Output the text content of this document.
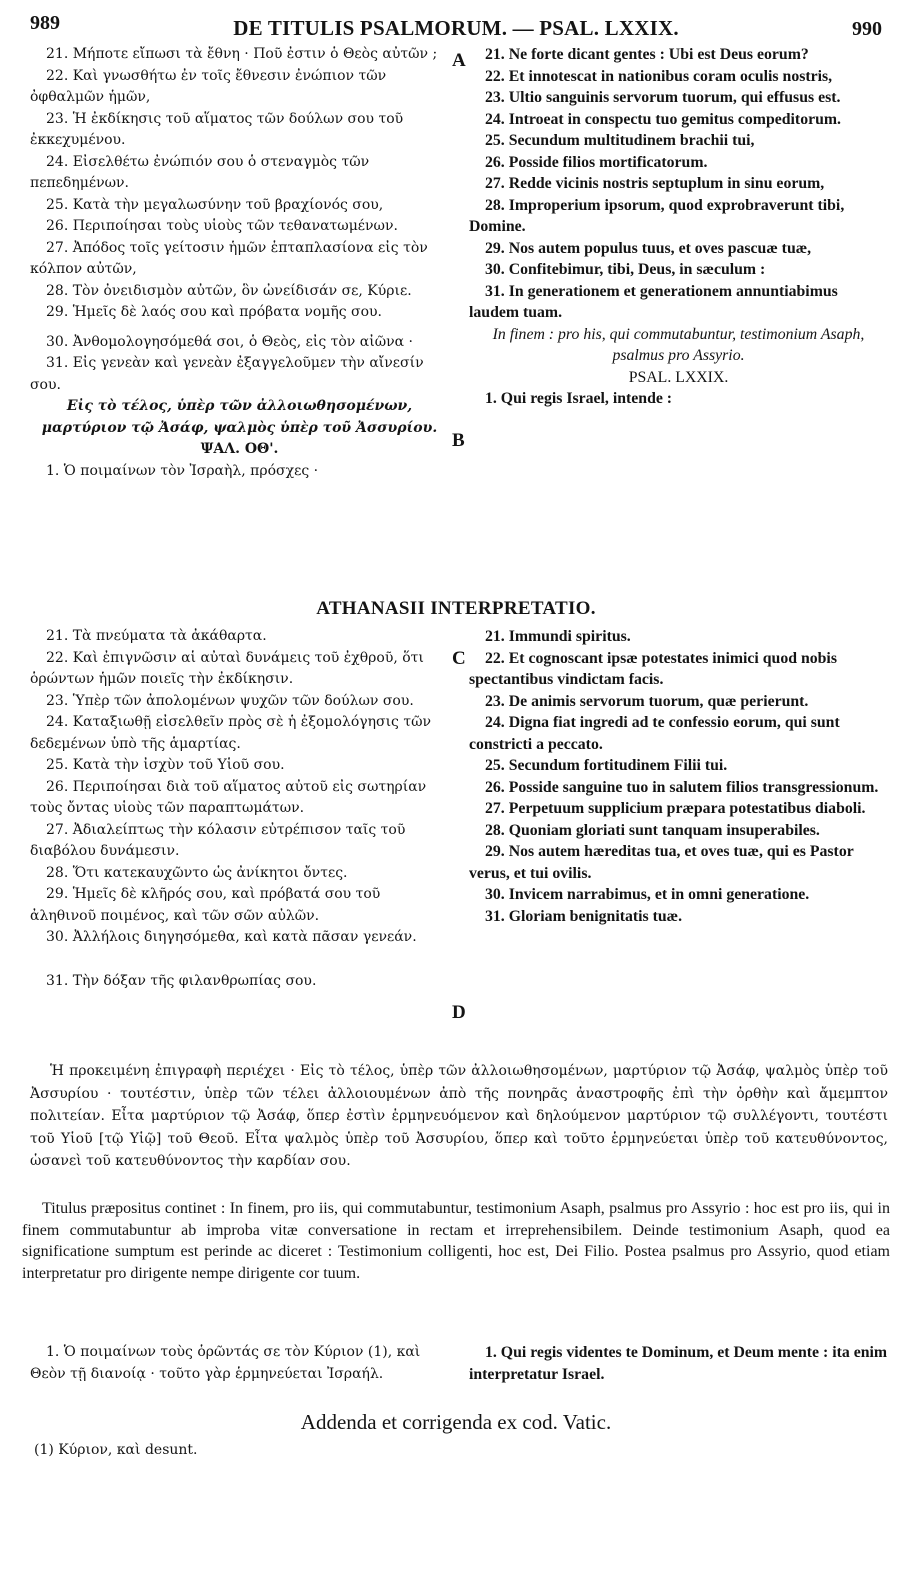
989	DE TITULIS PSALMORUM. — PSAL. LXXIX.	990

21. Μήποτε εἴπωσι τὰ ἔθνη · Ποῦ ἐστιν ὁ Θεὸς αὐτῶν ;

22. Καὶ γνωσθήτω ἐν τοῖς ἔθνεσιν ἐνώπιον τῶν ὀφθαλμῶν ἡμῶν,

23. Ἡ ἐκδίκησις τοῦ αἵματος τῶν δούλων σου τοῦ ἐκκεχυμένου.

24. Εἰσελθέτω ἐνώπιόν σου ὁ στεναγμὸς τῶν πεπεδημένων.

25. Κατὰ τὴν μεγαλωσύνην τοῦ βραχίονός σου,

26. Περιποίησαι τοὺς υἱοὺς τῶν τεθανατωμένων.

27. Ἀπόδος τοῖς γείτοσιν ἡμῶν ἑπταπλασίονα εἰς τὸν κόλπον αὐτῶν,

28. Τὸν ὀνειδισμὸν αὐτῶν, ὃν ὠνείδισάν σε, Κύριε.

29. Ἡμεῖς δὲ λαός σου καὶ πρόβατα νομῆς σου.

30. Ἀνθομολογησόμεθά σοι, ὁ Θεὸς, εἰς τὸν αἰῶνα ·

31. Εἰς γενεὰν καὶ γενεὰν ἐξαγγελοῦμεν τὴν αἴνεσίν σου.

Εἰς τὸ τέλος, ὑπὲρ τῶν ἀλλοιωθησομένων, μαρτύριον τῷ Ἀσάφ, ψαλμὸς ὑπὲρ τοῦ Ἀσσυρίου.

ΨΑΛ. ΟΘ'.

1. Ὁ ποιμαίνων τὸν Ἰσραὴλ, πρόσχες ·

21. Ne forte dicant gentes : Ubi est Deus eorum?

22. Et innotescat in nationibus coram oculis nostris,

23. Ultio sanguinis servorum tuorum, qui effusus est.

24. Introeat in conspectu tuo gemitus compeditorum.

25. Secundum multitudinem brachii tui,

26. Posside filios mortificatorum.

27. Redde vicinis nostris septuplum in sinu eorum,

28. Improperium ipsorum, quod exprobraverunt tibi, Domine.

29. Nos autem populus tuus, et oves pascuæ tuæ,

30. Confitebimur, tibi, Deus, in sæculum :

31. In generationem et generationem annuntiabimus laudem tuam.

In finem : pro his, qui commutabuntur, testimonium Asaph, psalmus pro Assyrio.

PSAL. LXXIX.

1. Qui regis Israel, intende :

A
B
C
D
ATHANASII INTERPRETATIO.

21. Τὰ πνεύματα τὰ ἀκάθαρτα.

22. Καὶ ἐπιγνῶσιν αἱ αὐταὶ δυνάμεις τοῦ ἐχθροῦ, ὅτι ὁρώντων ἡμῶν ποιεῖς τὴν ἐκδίκησιν.

23. Ὑπὲρ τῶν ἀπολομένων ψυχῶν τῶν δούλων σου.

24. Καταξιωθῇ εἰσελθεῖν πρὸς σὲ ἡ ἐξομολόγησις τῶν δεδεμένων ὑπὸ τῆς ἁμαρτίας.

25. Κατὰ τὴν ἰσχὺν τοῦ Υἱοῦ σου.

26. Περιποίησαι διὰ τοῦ αἵματος αὐτοῦ εἰς σωτηρίαν τοὺς ὄντας υἱοὺς τῶν παραπτωμάτων.

27. Ἀδιαλείπτως τὴν κόλασιν εὐτρέπισον ταῖς τοῦ διαβόλου δυνάμεσιν.

28. Ὅτι κατεκαυχῶντο ὡς ἀνίκητοι ὄντες.

29. Ἡμεῖς δὲ κλῆρός σου, καὶ πρόβατά σου τοῦ ἀληθινοῦ ποιμένος, καὶ τῶν σῶν αὐλῶν.

30. Ἀλλήλοις διηγησόμεθα, καὶ κατὰ πᾶσαν γενεάν.

31. Τὴν δόξαν τῆς φιλανθρωπίας σου.

21. Immundi spiritus.

22. Et cognoscant ipsæ potestates inimici quod nobis spectantibus vindictam facis.

23. De animis servorum tuorum, quæ perierunt.

24. Digna fiat ingredi ad te confessio eorum, qui sunt constricti a peccato.

25. Secundum fortitudinem Filii tui.

26. Posside sanguine tuo in salutem filios transgressionum.

27. Perpetuum supplicium præpara potestatibus diaboli.

28. Quoniam gloriati sunt tanquam insuperabiles.

29. Nos autem hæreditas tua, et oves tuæ, qui es Pastor verus, et tui ovilis.

30. Invicem narrabimus, et in omni generatione.

31. Gloriam benignitatis tuæ.

Ἡ προκειμένη ἐπιγραφὴ περιέχει · Εἰς τὸ τέλος, ὑπὲρ τῶν ἀλλοιωθησομένων, μαρτύριον τῷ Ἀσάφ, ψαλμὸς ὑπὲρ τοῦ Ἀσσυρίου · τουτέστιν, ὑπὲρ τῶν τέλει ἀλλοιουμένων ἀπὸ τῆς πονηρᾶς ἀναστροφῆς ἐπὶ τὴν ὀρθὴν καὶ ἄμεμπτον πολιτείαν. Εἶτα μαρτύριον τῷ Ἀσάφ, ὅπερ ἐστὶν ἑρμηνευόμενον καὶ δηλούμενον μαρτύριον τῷ συλλέγοντι, τουτέστι τοῦ Υἱοῦ [τῷ Υἱῷ] τοῦ Θεοῦ. Εἶτα ψαλμὸς ὑπὲρ τοῦ Ἀσσυρίου, ὅπερ καὶ τοῦτο ἑρμηνεύεται ὑπὲρ τοῦ κατευθύνοντος, ὡσανεὶ τοῦ κατευθύνοντος τὴν καρδίαν σου.

Titulus præpositus continet : In finem, pro iis, qui commutabuntur, testimonium Asaph, psalmus pro Assyrio : hoc est pro iis, qui in finem commutabuntur ab improba vitæ conversatione in rectam et irreprehensibilem. Deinde testimonium Asaph, quod ea significatione sumptum est perinde ac diceret : Testimonium colligenti, hoc est, Dei Filio. Postea psalmus pro Assyrio, quod etiam interpretatur pro dirigente nempe dirigente cor tuum.

1. Ὁ ποιμαίνων τοὺς ὁρῶντάς σε τὸν Κύριον (1), καὶ Θεὸν τῇ διανοίᾳ · τοῦτο γὰρ ἑρμηνεύεται Ἰσραήλ.

1. Qui regis videntes te Dominum, et Deum mente : ita enim interpretatur Israel.

Addenda et corrigenda ex cod. Vatic.
(1) Κύριον, καὶ desunt.
